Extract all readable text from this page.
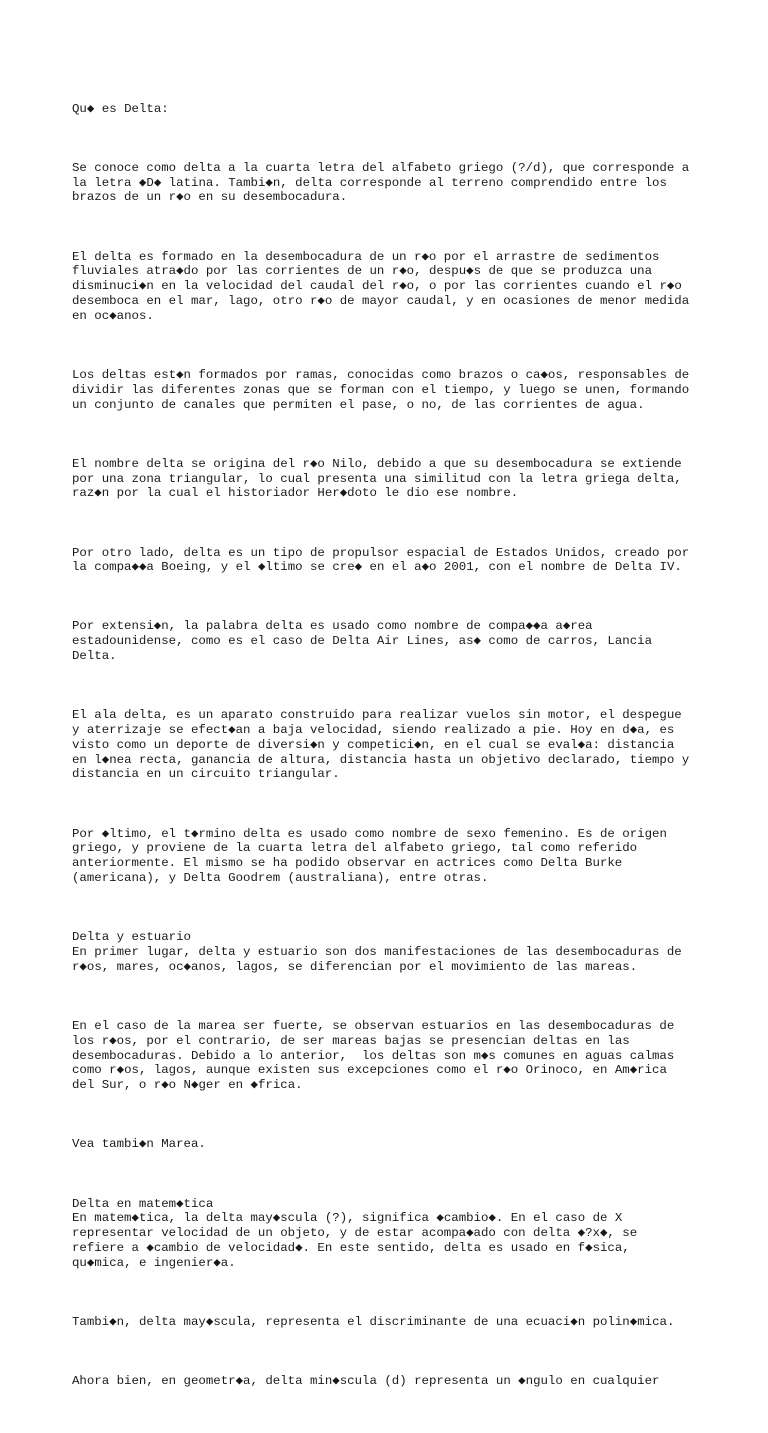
Qu◆ es Delta:

Se conoce como delta a la cuarta letra del alfabeto griego (?/d), que corresponde a
la letra ◆D◆ latina. Tambi◆n, delta corresponde al terreno comprendido entre los
brazos de un r◆o en su desembocadura.

El delta es formado en la desembocadura de un r◆o por el arrastre de sedimentos
fluviales atra◆do por las corrientes de un r◆o, despu◆s de que se produzca una
disminuci◆n en la velocidad del caudal del r◆o, o por las corrientes cuando el r◆o
desemboca en el mar, lago, otro r◆o de mayor caudal, y en ocasiones de menor medida
en oc◆anos.

Los deltas est◆n formados por ramas, conocidas como brazos o ca◆os, responsables de
dividir las diferentes zonas que se forman con el tiempo, y luego se unen, formando
un conjunto de canales que permiten el pase, o no, de las corrientes de agua.

El nombre delta se origina del r◆o Nilo, debido a que su desembocadura se extiende
por una zona triangular, lo cual presenta una similitud con la letra griega delta,
raz◆n por la cual el historiador Her◆doto le dio ese nombre.

Por otro lado, delta es un tipo de propulsor espacial de Estados Unidos, creado por
la compa◆◆a Boeing, y el ◆ltimo se cre◆ en el a◆o 2001, con el nombre de Delta IV.

Por extensi◆n, la palabra delta es usado como nombre de compa◆◆a a◆rea
estadounidense, como es el caso de Delta Air Lines, as◆ como de carros, Lancia
Delta.

El ala delta, es un aparato construido para realizar vuelos sin motor, el despegue
y aterrizaje se efect◆an a baja velocidad, siendo realizado a pie. Hoy en d◆a, es
visto como un deporte de diversi◆n y competici◆n, en el cual se eval◆a: distancia
en l◆nea recta, ganancia de altura, distancia hasta un objetivo declarado, tiempo y
distancia en un circuito triangular.

Por ◆ltimo, el t◆rmino delta es usado como nombre de sexo femenino. Es de origen
griego, y proviene de la cuarta letra del alfabeto griego, tal como referido
anteriormente. El mismo se ha podido observar en actrices como Delta Burke
(americana), y Delta Goodrem (australiana), entre otras.

Delta y estuario
En primer lugar, delta y estuario son dos manifestaciones de las desembocaduras de
r◆os, mares, oc◆anos, lagos, se diferencian por el movimiento de las mareas.

En el caso de la marea ser fuerte, se observan estuarios en las desembocaduras de
los r◆os, por el contrario, de ser mareas bajas se presencian deltas en las
desembocaduras. Debido a lo anterior,  los deltas son m◆s comunes en aguas calmas
como r◆os, lagos, aunque existen sus excepciones como el r◆o Orinoco, en Am◆rica
del Sur, o r◆o N◆ger en ◆frica.

Vea tambi◆n Marea.

Delta en matem◆tica
En matem◆tica, la delta may◆scula (?), significa ◆cambio◆. En el caso de X
representar velocidad de un objeto, y de estar acompa◆ado con delta ◆?x◆, se
refiere a ◆cambio de velocidad◆. En este sentido, delta es usado en f◆sica,
qu◆mica, e ingenier◆a.

Tambi◆n, delta may◆scula, representa el discriminante de una ecuaci◆n polin◆mica.

Ahora bien, en geometr◆a, delta min◆scula (d) representa un ◆ngulo en cualquier
